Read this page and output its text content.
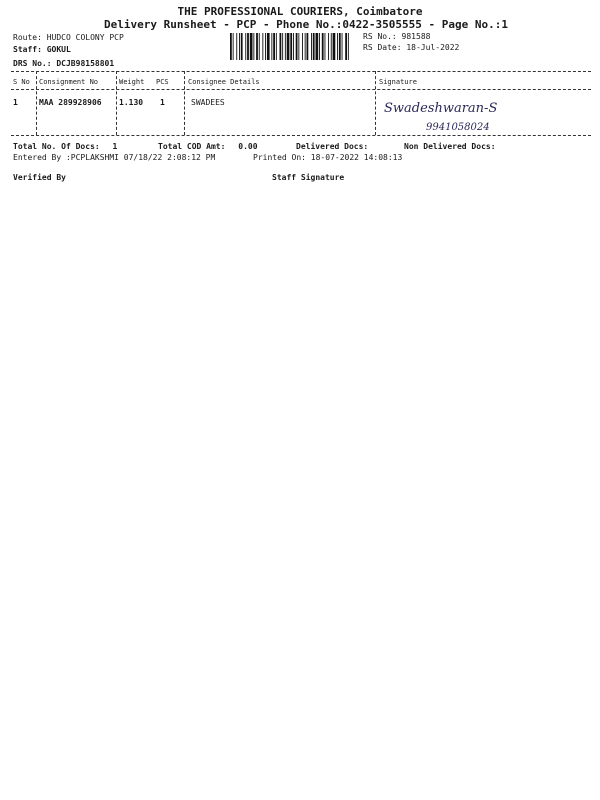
THE PROFESSIONAL COURIERS, Coimbatore
Delivery Runsheet - PCP - Phone No.:0422-3505555 - Page No.:1
Route: HUDCO COLONY PCP
Staff: GOKUL
DRS No.: DCJB98158801
RS No.: 981588
RS Date: 18-Jul-2022
S No Consignment No	Weight PCS	Consignee Details	Signature
1	MAA 289928906 1.130 1	SWADEES	Swadeshwaran-S
9941058024
Total No. Of Docs: 1	Total COD Amt: 0.00	Delivered Docs:	Non Delivered Docs:
Entered By :PCPLAKSHMI 07/18/22 2:08:12 PM	Printed On: 18-07-2022 14:08:13
Verified By	Staff Signature
